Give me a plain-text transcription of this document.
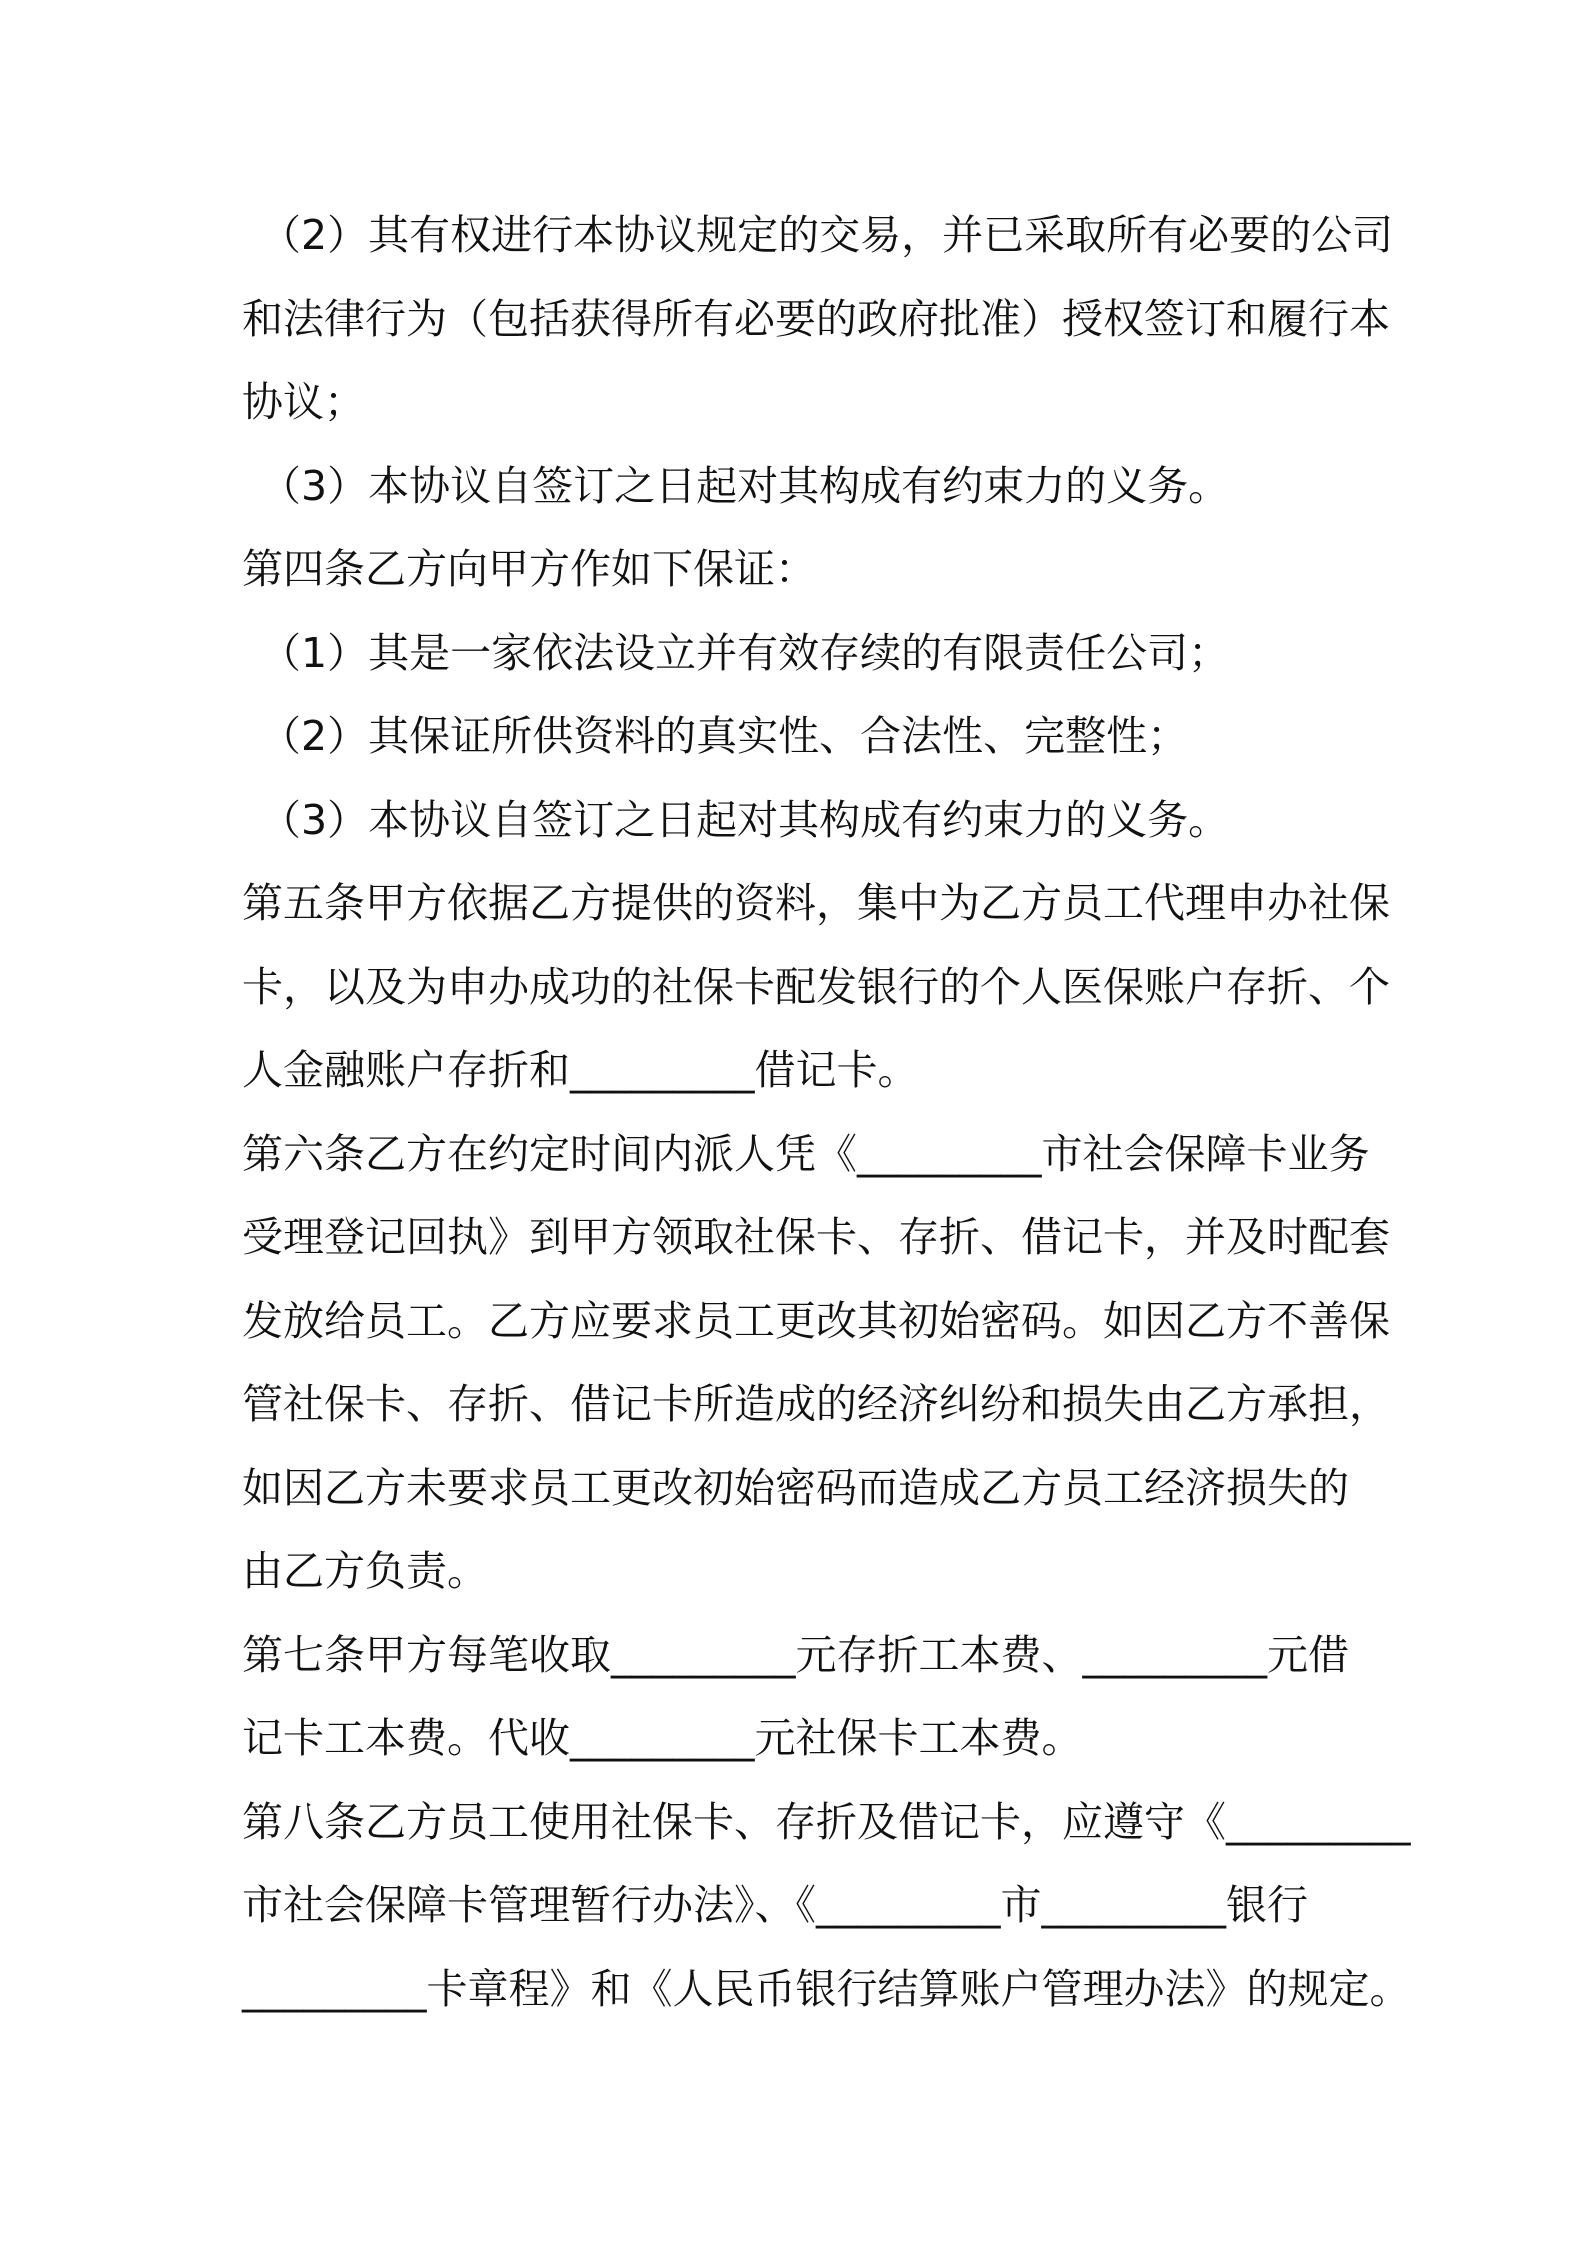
（2）其有权进行本协议规定的交易，并已采取所有必要的公司
和法律行为（包括获得所有必要的政府批准）授权签订和履行本
协议；
（3）本协议自签订之日起对其构成有约束力的义务。
第四条乙方向甲方作如下保证：
（1）其是一家依法设立并有效存续的有限责任公司；
（2）其保证所供资料的真实性、合法性、完整性；
（3）本协议自签订之日起对其构成有约束力的义务。
第五条甲方依据乙方提供的资料，集中为乙方员工代理申办社保
卡，以及为申办成功的社保卡配发银行的个人医保账户存折、个
人金融账户存折和_________借记卡。
第六条乙方在约定时间内派人凭《_________市社会保障卡业务
受理登记回执》到甲方领取社保卡、存折、借记卡，并及时配套
发放给员工。乙方应要求员工更改其初始密码。如因乙方不善保
管社保卡、存折、借记卡所造成的经济纠纷和损失由乙方承担，
如因乙方未要求员工更改初始密码而造成乙方员工经济损失的
由乙方负责。
第七条甲方每笔收取_________元存折工本费、_________元借
记卡工本费。代收_________元社保卡工本费。
第八条乙方员工使用社保卡、存折及借记卡，应遵守《_________
市社会保障卡管理暂行办法》、《_________市_________银行
_________卡章程》和《人民币银行结算账户管理办法》的规定。
